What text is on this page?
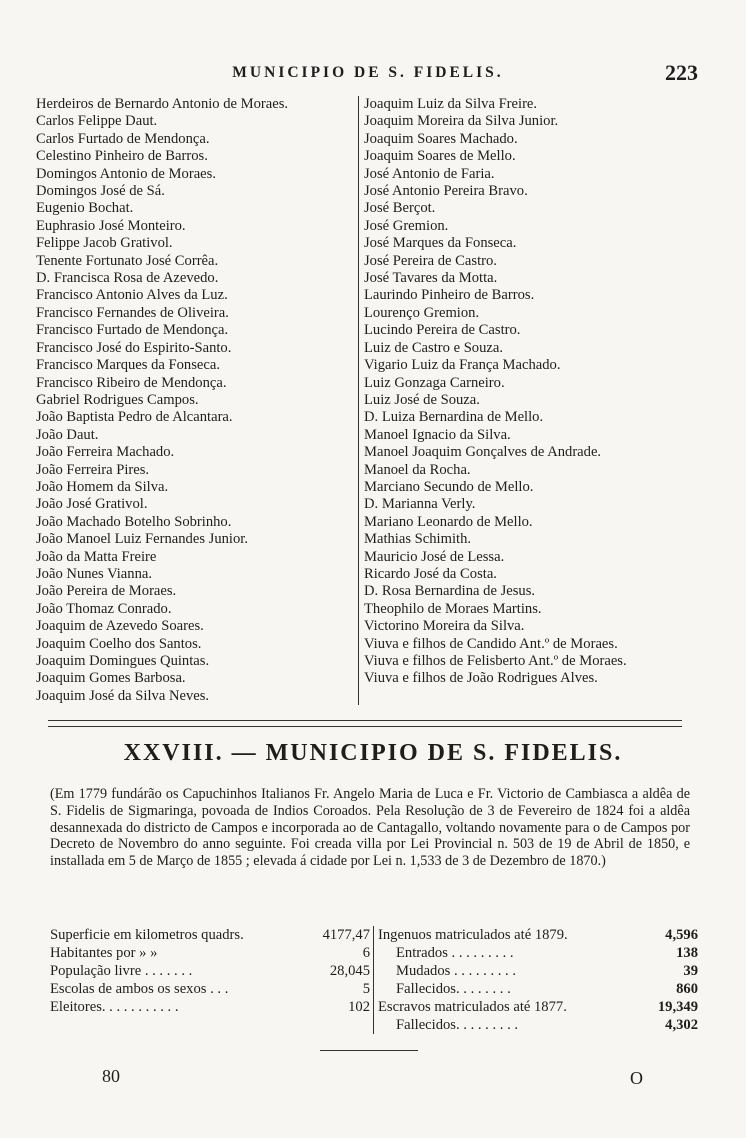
MUNICIPIO DE S. FIDELIS.	223
Herdeiros de Bernardo Antonio de Moraes.
Carlos Felippe Daut.
Carlos Furtado de Mendonça.
Celestino Pinheiro de Barros.
Domingos Antonio de Moraes.
Domingos José de Sá.
Eugenio Bochat.
Euphrasio José Monteiro.
Felippe Jacob Grativol.
Tenente Fortunato José Corrêa.
D. Francisca Rosa de Azevedo.
Francisco Antonio Alves da Luz.
Francisco Fernandes de Oliveira.
Francisco Furtado de Mendonça.
Francisco José do Espirito-Santo.
Francisco Marques da Fonseca.
Francisco Ribeiro de Mendonça.
Gabriel Rodrigues Campos.
João Baptista Pedro de Alcantara.
João Daut.
João Ferreira Machado.
João Ferreira Pires.
João Homem da Silva.
João José Grativol.
João Machado Botelho Sobrinho.
João Manoel Luiz Fernandes Junior.
João da Matta Freire
João Nunes Vianna.
João Pereira de Moraes.
João Thomaz Conrado.
Joaquim de Azevedo Soares.
Joaquim Coelho dos Santos.
Joaquim Domingues Quintas.
Joaquim Gomes Barbosa.
Joaquim José da Silva Neves.
Joaquim Luiz da Silva Freire.
Joaquim Moreira da Silva Junior.
Joaquim Soares Machado.
Joaquim Soares de Mello.
José Antonio de Faria.
José Antonio Pereira Bravo.
José Berçot.
José Gremion.
José Marques da Fonseca.
José Pereira de Castro.
José Tavares da Motta.
Laurindo Pinheiro de Barros.
Lourenço Gremion.
Lucindo Pereira de Castro.
Luiz de Castro e Souza.
Vigario Luiz da França Machado.
Luiz Gonzaga Carneiro.
Luiz José de Souza.
D. Luiza Bernardina de Mello.
Manoel Ignacio da Silva.
Manoel Joaquim Gonçalves de Andrade.
Manoel da Rocha.
Marciano Secundo de Mello.
D. Marianna Verly.
Mariano Leonardo de Mello.
Mathias Schimith.
Mauricio José de Lessa.
Ricardo José da Costa.
D. Rosa Bernardina de Jesus.
Theophilo de Moraes Martins.
Victorino Moreira da Silva.
Viuva e filhos de Candido Ant.º de Moraes.
Viuva e filhos de Felisberto Ant.º de Moraes.
Viuva e filhos de João Rodrigues Alves.
XXVIII. — MUNICIPIO DE S. FIDELIS.
(Em 1779 fundárão os Capuchinhos Italianos Fr. Angelo Maria de Luca e Fr. Victorio de Cambiasca a aldêa de S. Fidelis de Sigmaringa, povoada de Indios Coroados. Pela Resolução de 3 de Fevereiro de 1824 foi a aldêa desannexada do districto de Campos e incorporada ao de Cantagallo, voltando novamente para o de Campos por Decreto de Novembro do anno seguinte. Foi creada villa por Lei Provincial n. 503 de 19 de Abril de 1850, e installada em 5 de Março de 1855 ; elevada á cidade por Lei n. 1,533 de 3 de Dezembro de 1870.)
Superficie em kilometros quadrs.	4177,47
Habitantes por » »	6
População livre . . . . . . .	28,045
Escolas de ambos os sexos . . .	5
Eleitores. . . . . . . . . . .	102
Ingenuos matriculados até 1879.	4,596
Entrados . . . . . . . . .	138
Mudados . . . . . . . . .	39
Fallecidos. . . . . . . .	860
Escravos matriculados até 1877.	19,349
Fallecidos. . . . . . . . .	4,302
80	O
